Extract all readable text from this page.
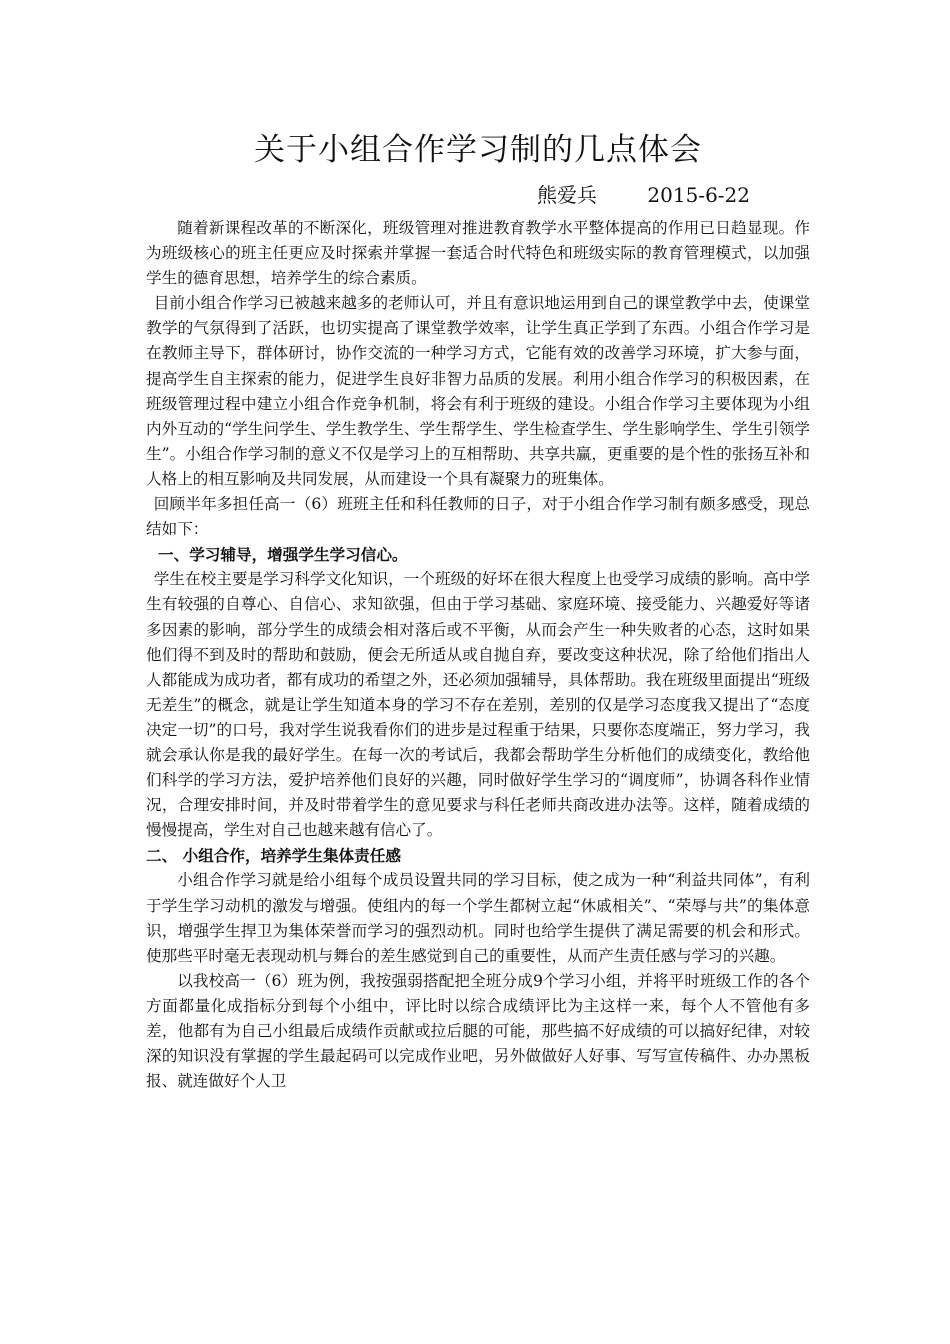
关于小组合作学习制的几点体会
熊爱兵	2015-6-22

随着新课程改革的不断深化，班级管理对推进教育教学水平整体提高的作用已日趋显现。作为班级核心的班主任更应及时探索并掌握一套适合时代特色和班级实际的教育管理模式，以加强学生的德育思想，培养学生的综合素质。

目前小组合作学习已被越来越多的老师认可，并且有意识地运用到自己的课堂教学中去，使课堂教学的气氛得到了活跃，也切实提高了课堂教学效率，让学生真正学到了东西。小组合作学习是在教师主导下，群体研讨，协作交流的一种学习方式，它能有效的改善学习环境，扩大参与面，提高学生自主探索的能力，促进学生良好非智力品质的发展。利用小组合作学习的积极因素，在班级管理过程中建立小组合作竞争机制，将会有利于班级的建设。小组合作学习主要体现为小组内外互动的“学生问学生、学生教学生、学生帮学生、学生检查学生、学生影响学生、学生引领学生”。小组合作学习制的意义不仅是学习上的互相帮助、共享共赢，更重要的是个性的张扬互补和人格上的相互影响及共同发展，从而建设一个具有凝聚力的班集体。

回顾半年多担任高一（6）班班主任和科任教师的日子，对于小组合作学习制有颇多感受，现总结如下：

一、学习辅导，增强学生学习信心。

学生在校主要是学习科学文化知识，一个班级的好坏在很大程度上也受学习成绩的影响。高中学生有较强的自尊心、自信心、求知欲强，但由于学习基础、家庭环境、接受能力、兴趣爱好等诸多因素的影响，部分学生的成绩会相对落后或不平衡，从而会产生一种失败者的心态，这时如果他们得不到及时的帮助和鼓励，便会无所适从或自抛自弃，要改变这种状况，除了给他们指出人人都能成为成功者，都有成功的希望之外，还必须加强辅导，具体帮助。我在班级里面提出“班级无差生”的概念，就是让学生知道本身的学习不存在差别，差别的仅是学习态度我又提出了“态度决定一切”的口号，我对学生说我看你们的进步是过程重于结果，只要你态度端正，努力学习，我就会承认你是我的最好学生。在每一次的考试后，我都会帮助学生分析他们的成绩变化，教给他们科学的学习方法，爱护培养他们良好的兴趣，同时做好学生学习的“调度师”，协调各科作业情况，合理安排时间，并及时带着学生的意见要求与科任老师共商改进办法等。这样，随着成绩的慢慢提高，学生对自己也越来越有信心了。

二、 小组合作，培养学生集体责任感

小组合作学习就是给小组每个成员设置共同的学习目标，使之成为一种“利益共同体”，有利于学生学习动机的激发与增强。使组内的每一个学生都树立起“休戚相关”、“荣辱与共”的集体意识，增强学生捍卫为集体荣誉而学习的强烈动机。同时也给学生提供了满足需要的机会和形式。使那些平时毫无表现动机与舞台的差生感觉到自己的重要性，从而产生责任感与学习的兴趣。

以我校高一（6）班为例，我按强弱搭配把全班分成9个学习小组，并将平时班级工作的各个方面都量化成指标分到每个小组中，评比时以综合成绩评比为主这样一来，每个人不管他有多差，他都有为自己小组最后成绩作贡献或拉后腿的可能，那些搞不好成绩的可以搞好纪律，对较深的知识没有掌握的学生最起码可以完成作业吧，另外做做好人好事、写写宣传稿件、办办黑板报、就连做好个人卫
